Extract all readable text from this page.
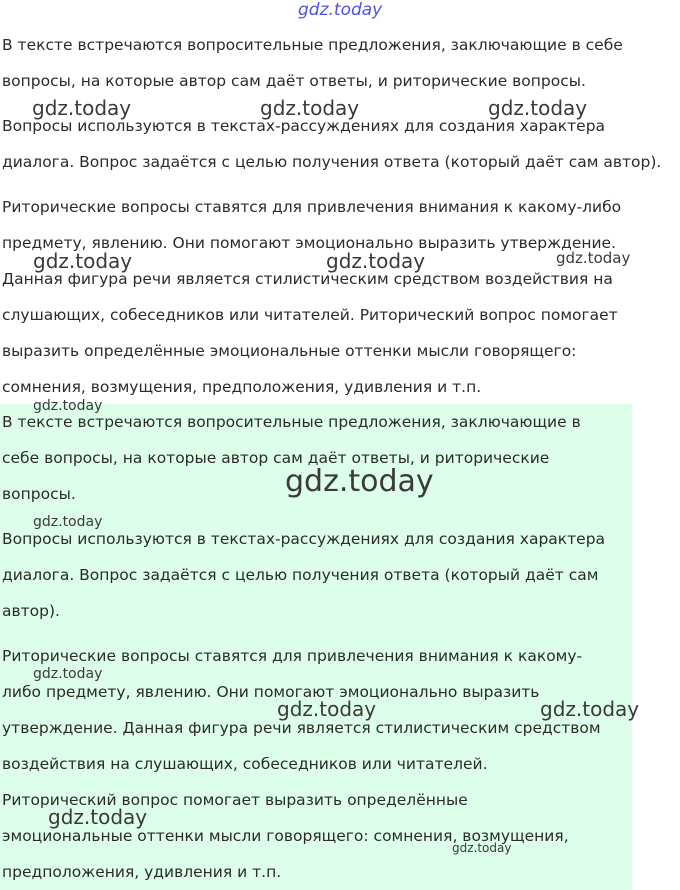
В тексте встречаются вопросительные предложения, заключающие в себе
вопросы, на которые автор сам даёт ответы, и риторические вопросы.

Вопросы используются в текстах-рассуждениях для создания характера
диалога. Вопрос задаётся с целью получения ответа (который даёт сам автор).

Риторические вопросы ставятся для привлечения внимания к какому-либо
предмету, явлению. Они помогают эмоционально выразить утверждение.
Данная фигура речи является стилистическим средством воздействия на
слушающих, собеседников или читателей. Риторический вопрос помогает
выразить определённые эмоциональные оттенки мысли говорящего:
сомнения, возмущения, предположения, удивления и т.п.

В тексте встречаются вопросительные предложения, заключающие в
себе вопросы, на которые автор сам даёт ответы, и риторические
вопросы.

Вопросы используются в текстах-рассуждениях для создания характера
диалога. Вопрос задаётся с целью получения ответа (который даёт сам
автор).

Риторические вопросы ставятся для привлечения внимания к какому-
либо предмету, явлению. Они помогают эмоционально выразить
утверждение. Данная фигура речи является стилистическим средством
воздействия на слушающих, собеседников или читателей.

Риторический вопрос помогает выразить определённые
эмоциональные оттенки мысли говорящего: сомнения, возмущения,
предположения, удивления и т.п.

gdz.today
gdz.today	gdz.today	gdz.today
gdz.today	gdz.today	gdz.today
gdz.today
gdz.today
gdz.today
gdz.today
gdz.today	gdz.today
gdz.today
gdz.today
